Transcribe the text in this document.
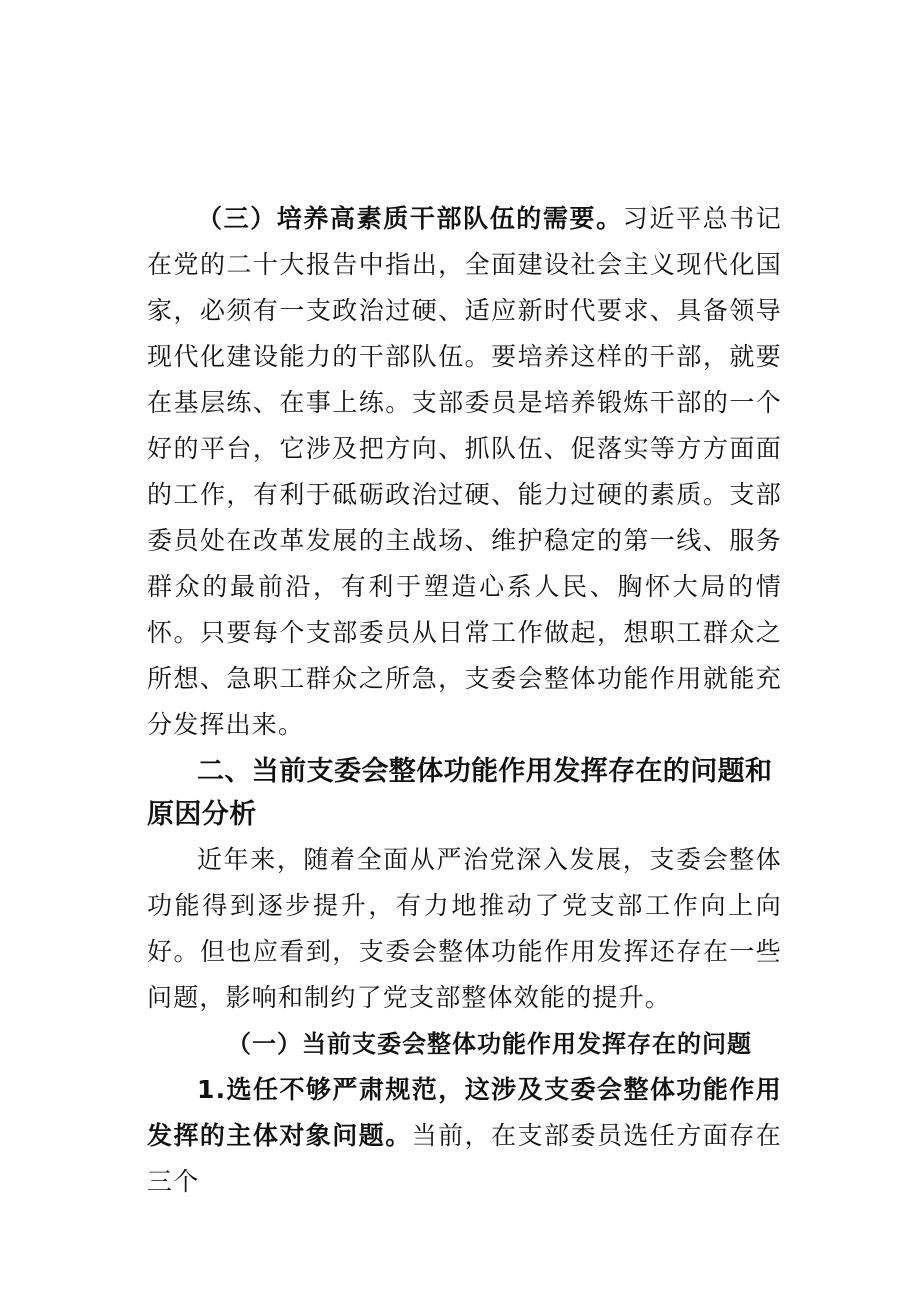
（三）培养高素质干部队伍的需要。习近平总书记在党的二十大报告中指出，全面建设社会主义现代化国家，必须有一支政治过硬、适应新时代要求、具备领导现代化建设能力的干部队伍。要培养这样的干部，就要在基层练、在事上练。支部委员是培养锻炼干部的一个好的平台，它涉及把方向、抓队伍、促落实等方方面面的工作，有利于砥砺政治过硬、能力过硬的素质。支部委员处在改革发展的主战场、维护稳定的第一线、服务群众的最前沿，有利于塑造心系人民、胸怀大局的情怀。只要每个支部委员从日常工作做起，想职工群众之所想、急职工群众之所急，支委会整体功能作用就能充分发挥出来。

二、当前支委会整体功能作用发挥存在的问题和原因分析

近年来，随着全面从严治党深入发展，支委会整体功能得到逐步提升，有力地推动了党支部工作向上向好。但也应看到，支委会整体功能作用发挥还存在一些问题，影响和制约了党支部整体效能的提升。

（一）当前支委会整体功能作用发挥存在的问题

1.选任不够严肃规范，这涉及支委会整体功能作用发挥的主体对象问题。当前，在支部委员选任方面存在三个
